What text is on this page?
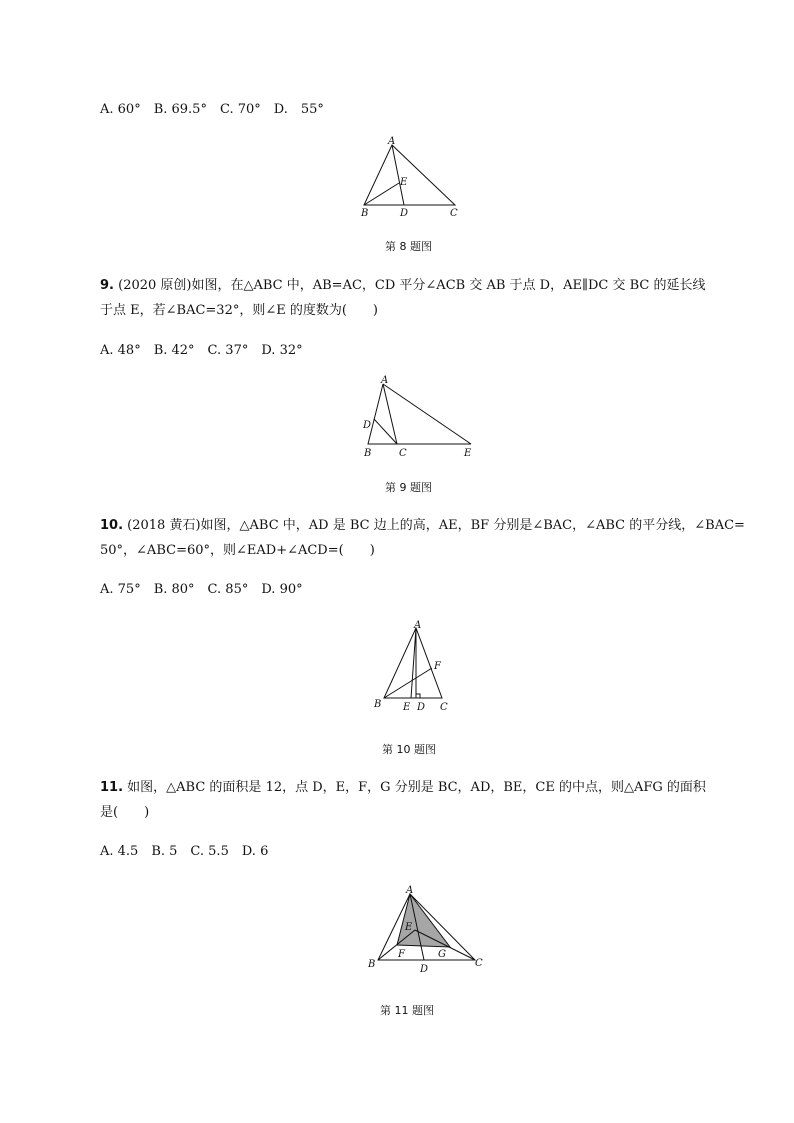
A. 60°　B. 69.5°　C. 70°　D.　55°
A
B	C
D
E
第 8 题图
9. (2020 原创)如图，在△ABC 中，AB=AC，CD 平分∠ACB 交 AB 于点 D，AE∥DC 交 BC 的延长线
于点 E，若∠BAC=32°，则∠E 的度数为(　　)
A. 48°　B. 42°　C. 37°　D. 32°
A
B	C
D
E
第 9 题图
10. (2018 黄石)如图，△ABC 中，AD 是 BC 边上的高，AE，BF 分别是∠BAC，∠ABC 的平分线，∠BAC=
50°，∠ABC=60°，则∠EAD+∠ACD=(　　)
A. 75°　B. 80°　C. 85°　D. 90°
A
B	C
D
E
F
第 10 题图
11. 如图，△ABC 的面积是 12，点 D，E，F，G 分别是 BC，AD，BE，CE 的中点，则△AFG 的面积
是(　　)
A. 4.5　B. 5　C. 5.5　D. 6
A
B	C
D
E
F	G
第 11 题图
